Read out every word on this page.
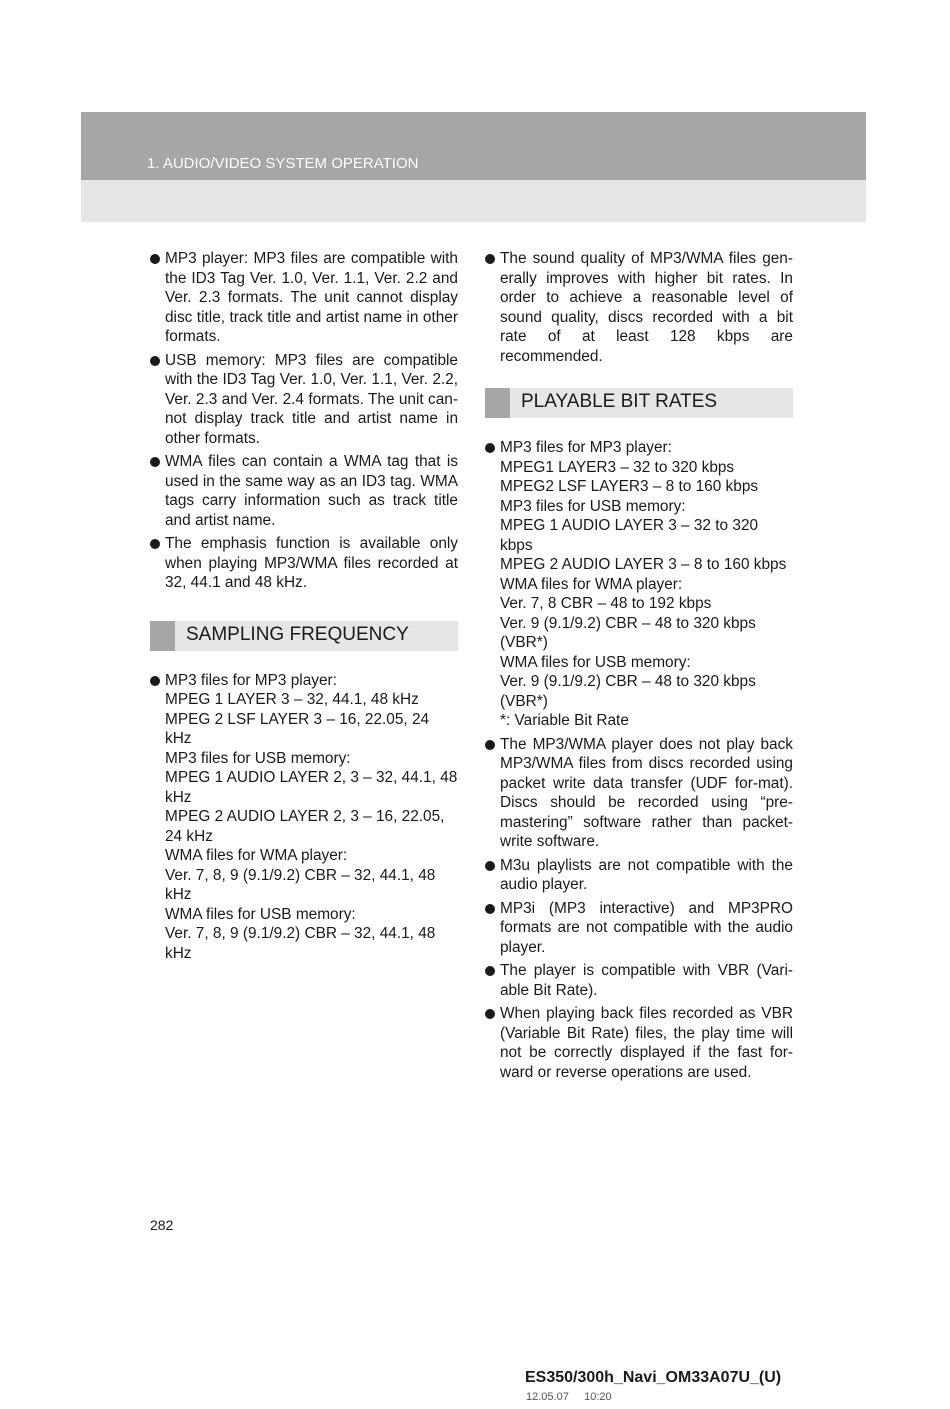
1. AUDIO/VIDEO SYSTEM OPERATION

MP3 player: MP3 files are compatible with the ID3 Tag Ver. 1.0, Ver. 1.1, Ver. 2.2 and Ver. 2.3 formats. The unit cannot display disc title, track title and artist name in other formats.

USB memory: MP3 files are compatible with the ID3 Tag Ver. 1.0, Ver. 1.1, Ver. 2.2, Ver. 2.3 and Ver. 2.4 formats. The unit can-not display track title and artist name in other formats.

WMA files can contain a WMA tag that is used in the same way as an ID3 tag. WMA tags carry information such as track title and artist name.

The emphasis function is available only when playing MP3/WMA files recorded at 32, 44.1 and 48 kHz.

SAMPLING FREQUENCY
MP3 files for MP3 player:
MPEG 1 LAYER 3 – 32, 44.1, 48 kHz
MPEG 2 LSF LAYER 3 – 16, 22.05, 24 kHz
MP3 files for USB memory:
MPEG 1 AUDIO LAYER 2, 3 – 32, 44.1, 48 kHz
MPEG 2 AUDIO LAYER 2, 3 – 16, 22.05, 24 kHz
WMA files for WMA player:
Ver. 7, 8, 9 (9.1/9.2) CBR – 32, 44.1, 48 kHz
WMA files for USB memory:
Ver. 7, 8, 9 (9.1/9.2) CBR – 32, 44.1, 48 kHz

The sound quality of MP3/WMA files gen-erally improves with higher bit rates. In order to achieve a reasonable level of sound quality, discs recorded with a bit rate of at least 128 kbps are recommended.

PLAYABLE BIT RATES
MP3 files for MP3 player:
MPEG1 LAYER3 – 32 to 320 kbps
MPEG2 LSF LAYER3 – 8 to 160 kbps
MP3 files for USB memory:
MPEG 1 AUDIO LAYER 3 – 32 to 320 kbps
MPEG 2 AUDIO LAYER 3 – 8 to 160 kbps
WMA files for WMA player:
Ver. 7, 8 CBR – 48 to 192 kbps
Ver. 9 (9.1/9.2) CBR – 48 to 320 kbps (VBR*)
WMA files for USB memory:
Ver. 9 (9.1/9.2) CBR – 48 to 320 kbps (VBR*)
*: Variable Bit Rate

The MP3/WMA player does not play back MP3/WMA files from discs recorded using packet write data transfer (UDF for-mat). Discs should be recorded using “pre-mastering” software rather than packet-write software.

M3u playlists are not compatible with the audio player.

MP3i (MP3 interactive) and MP3PRO formats are not compatible with the audio player.

The player is compatible with VBR (Vari-able Bit Rate).

When playing back files recorded as VBR (Variable Bit Rate) files, the play time will not be correctly displayed if the fast for-ward or reverse operations are used.

282
ES350/300h_Navi_OM33A07U_(U)
12.05.07     10:20
